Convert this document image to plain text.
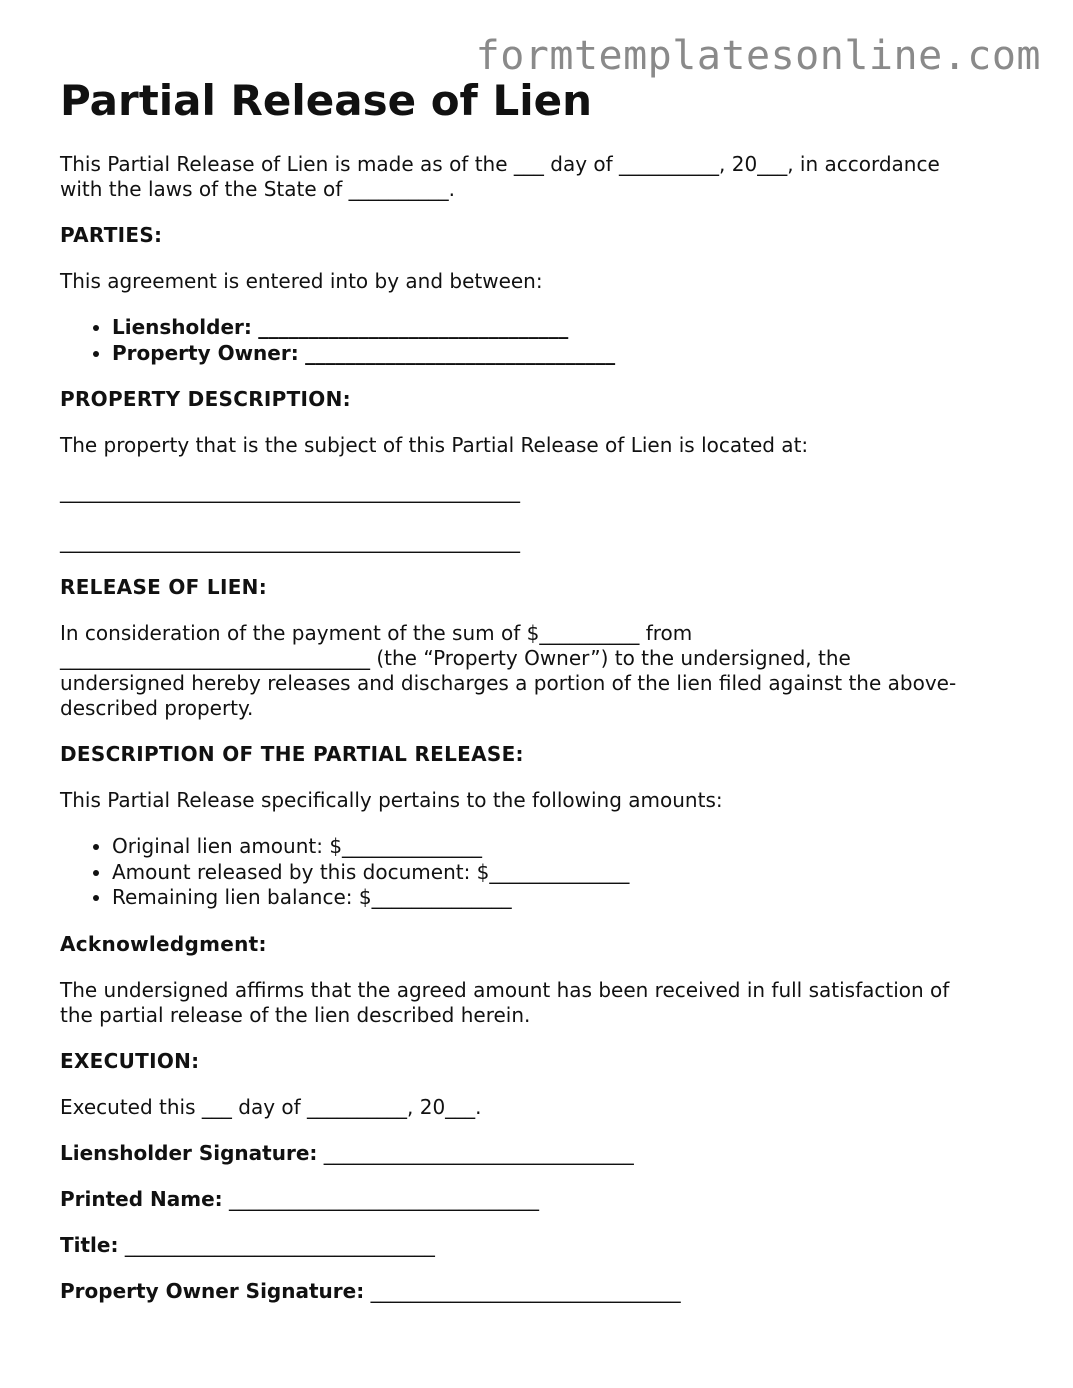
formtemplatesonline.com
Partial Release of Lien

This Partial Release of Lien is made as of the ___ day of __________, 20___, in accordance
with the laws of the State of __________.

PARTIES:

This agreement is entered into by and between:

• Liensholder: _______________________________
• Property Owner: _______________________________

PROPERTY DESCRIPTION:

The property that is the subject of this Partial Release of Lien is located at:

______________________________________________
______________________________________________

RELEASE OF LIEN:

In consideration of the payment of the sum of $__________ from
_______________________________ (the “Property Owner”) to the undersigned, the
undersigned hereby releases and discharges a portion of the lien filed against the above-
described property.

DESCRIPTION OF THE PARTIAL RELEASE:

This Partial Release specifically pertains to the following amounts:

• Original lien amount: $______________
• Amount released by this document: $______________
• Remaining lien balance: $______________

Acknowledgment:

The undersigned affirms that the agreed amount has been received in full satisfaction of
the partial release of the lien described herein.

EXECUTION:

Executed this ___ day of __________, 20___.

Liensholder Signature: _______________________________

Printed Name: _______________________________

Title: _______________________________

Property Owner Signature: _______________________________
